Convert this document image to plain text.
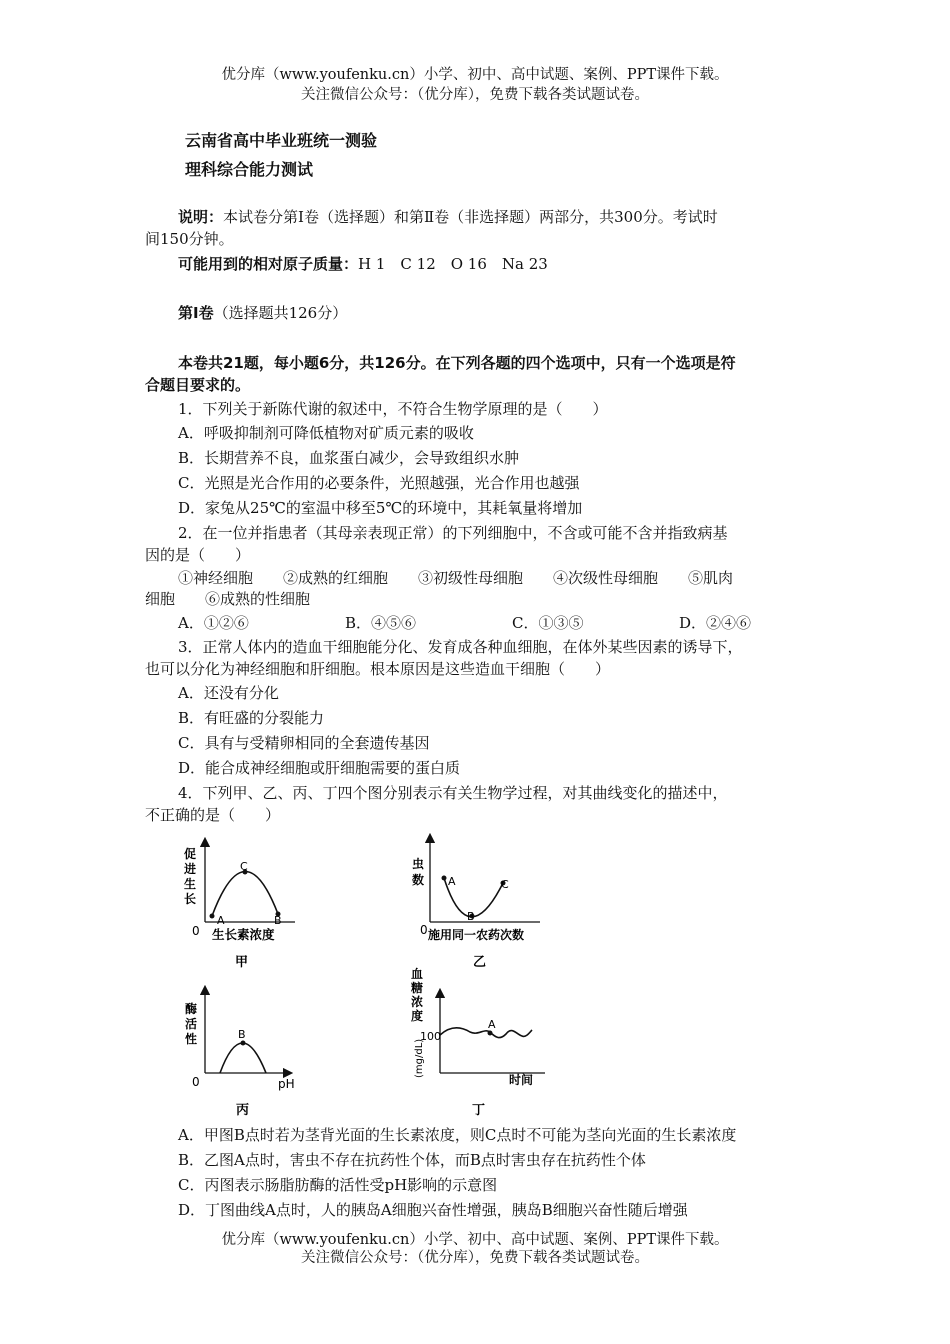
优分库（www.youfenku.cn）小学、初中、高中试题、案例、PPT课件下载。
关注微信公众号：（优分库），免费下载各类试题试卷。
云南省高中毕业班统一测验
理科综合能力测试
说明：本试卷分第Ⅰ卷（选择题）和第Ⅱ卷（非选择题）两部分，共300分。考试时
间150分钟。
可能用到的相对原子质量：H 1　C 12　O 16　Na 23
第Ⅰ卷（选择题共126分）
本卷共21题，每小题6分，共126分。在下列各题的四个选项中，只有一个选项是符
合题目要求的。
1．下列关于新陈代谢的叙述中，不符合生物学原理的是（　　）
A．呼吸抑制剂可降低植物对矿质元素的吸收
B．长期营养不良，血浆蛋白减少，会导致组织水肿
C．光照是光合作用的必要条件，光照越强，光合作用也越强
D．家兔从25℃的室温中移至5℃的环境中，其耗氧量将增加
2．在一位并指患者（其母亲表现正常）的下列细胞中，不含或可能不含并指致病基
因的是（　　）
①神经细胞　　②成熟的红细胞　　③初级性母细胞　　④次级性母细胞　　⑤肌肉
细胞　　⑥成熟的性细胞
A．①②⑥	B．④⑤⑥	C．①③⑤	D．②④⑥
3．正常人体内的造血干细胞能分化、发育成各种血细胞，在体外某些因素的诱导下，
也可以分化为神经细胞和肝细胞。根本原因是这些造血干细胞（　　）
A．还没有分化
B．有旺盛的分裂能力
C．具有与受精卵相同的全套遗传基因
D．能合成神经细胞或肝细胞需要的蛋白质
4．下列甲、乙、丙、丁四个图分别表示有关生物学过程，对其曲线变化的描述中，
不正确的是（　　）
A	B
C
促
进
生
长
0 生长素浓度
甲
A
B
C
虫
数
0 施用同一农药次数
乙
B
酶
活
性
0	pH
丙
A
血
糖
浓
度
(mg/dL)
100
时间
丁
A．甲图B点时若为茎背光面的生长素浓度，则C点时不可能为茎向光面的生长素浓度
B．乙图A点时，害虫不存在抗药性个体，而B点时害虫存在抗药性个体
C．丙图表示肠脂肪酶的活性受pH影响的示意图
D．丁图曲线A点时，人的胰岛A细胞兴奋性增强，胰岛B细胞兴奋性随后增强
优分库（www.youfenku.cn）小学、初中、高中试题、案例、PPT课件下载。
关注微信公众号：（优分库），免费下载各类试题试卷。
